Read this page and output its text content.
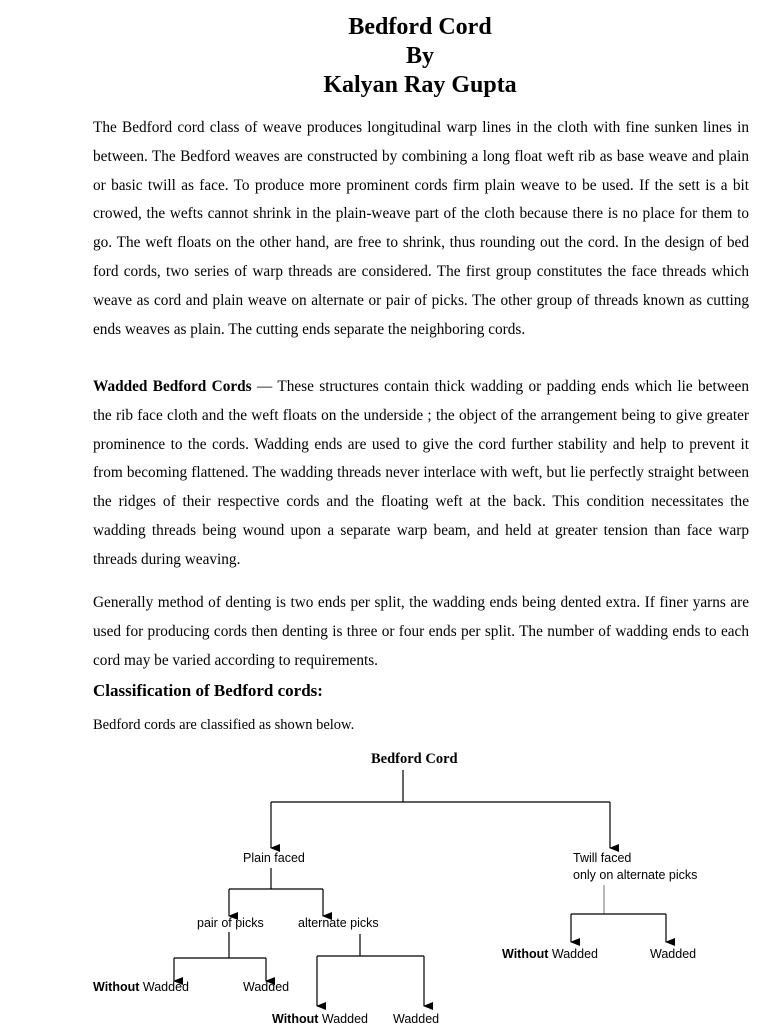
Bedford Cord
By
Kalyan Ray Gupta

The Bedford cord class of weave produces longitudinal warp lines in the cloth with fine sunken lines in between. The Bedford weaves are constructed by combining a long float weft rib as base weave and plain or basic twill as face. To produce more prominent cords firm plain weave to be used. If the sett is a bit crowed, the wefts cannot shrink in the plain-weave part of the cloth because there is no place for them to go. The weft floats on the other hand, are free to shrink, thus rounding out the cord. In the design of bed ford cords, two series of warp threads are considered. The first group constitutes the face threads which weave as cord and plain weave on alternate or pair of picks. The other group of threads known as cutting ends weaves as plain. The cutting ends separate the neighboring cords.

Wadded Bedford Cords — These structures contain thick wadding or padding ends which lie between the rib face cloth and the weft floats on the underside ; the object of the arrangement being to give greater prominence to the cords. Wadding ends are used to give the cord further stability and help to prevent it from becoming flattened. The wadding threads never interlace with weft, but lie perfectly straight between the ridges of their respective cords and the floating weft at the back. This condition necessitates the wadding threads being wound upon a separate warp beam, and held at greater tension than face warp threads during weaving.

Generally method of denting is two ends per split, the wadding ends being dented extra. If finer yarns are used for producing cords then denting is three or four ends per split. The number of wadding ends to each cord may be varied according to requirements.

Classification of Bedford cords:
Bedford cords are classified as shown below.
Bedford Cord
Plain faced	Twill faced
only on alternate picks
pair of picks	alternate picks
Without Wadded	Wadded
Without Wadded	Wadded
Without Wadded Wadded
